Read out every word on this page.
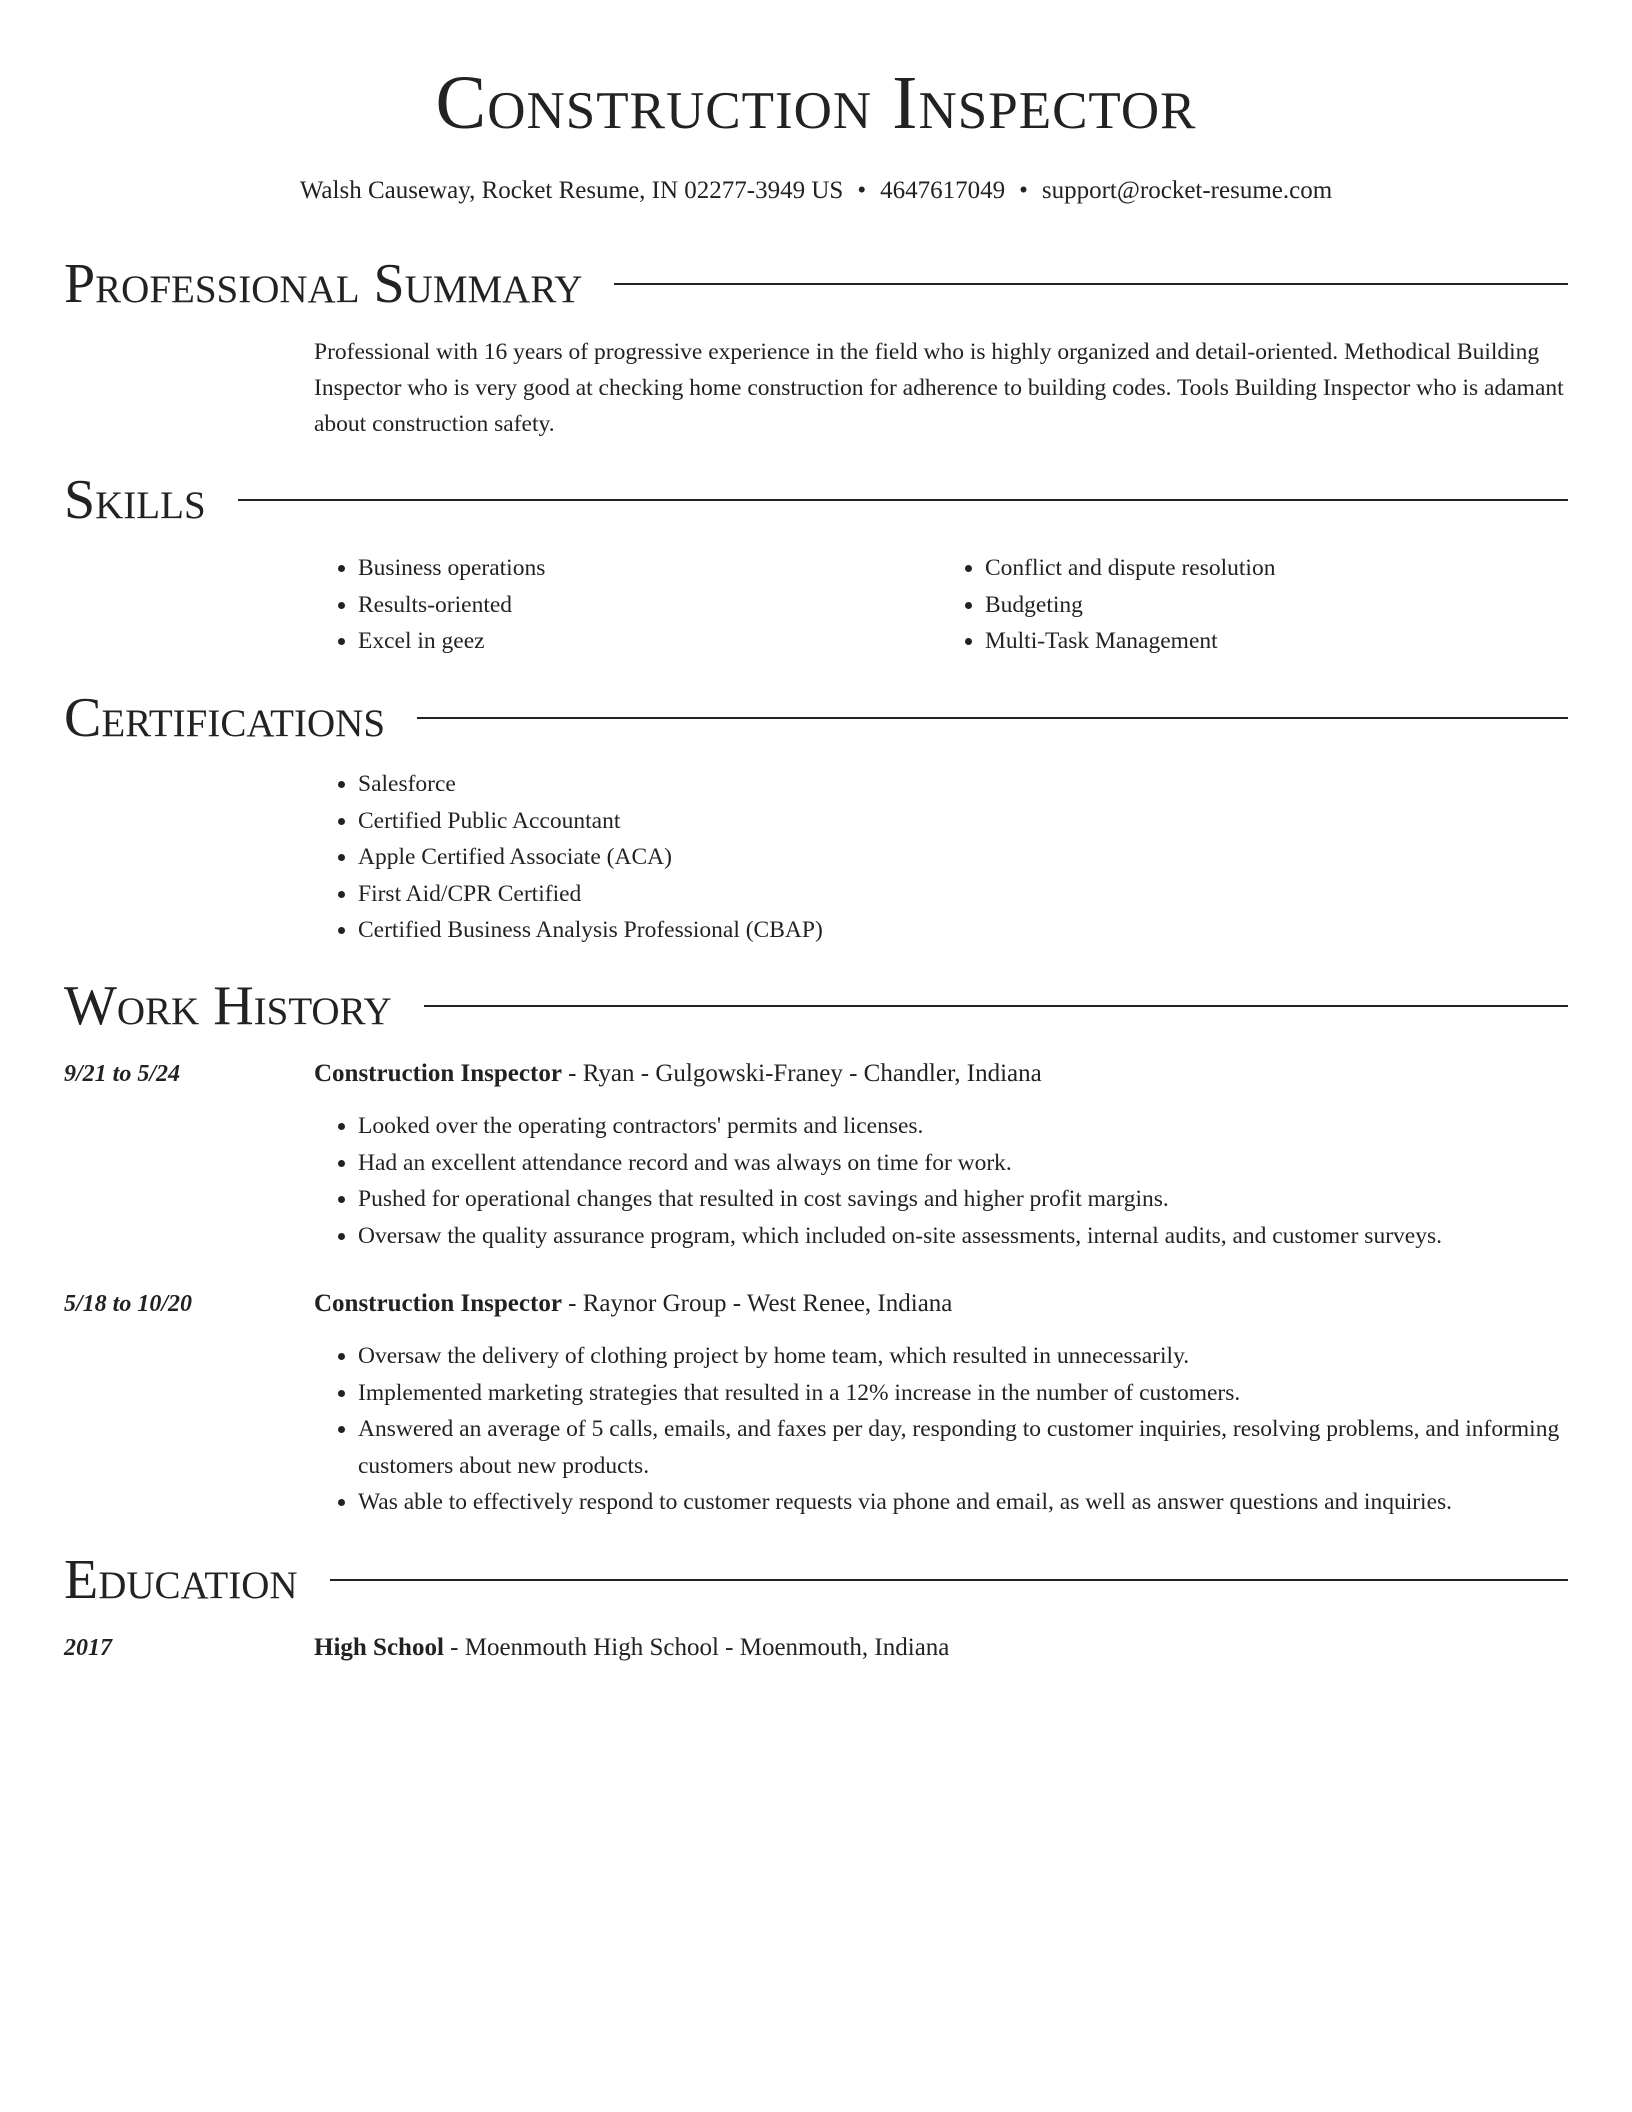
Construction Inspector
Walsh Causeway, Rocket Resume, IN 02277-3949 US • 4647617049 • support@rocket-resume.com
Professional Summary

Professional with 16 years of progressive experience in the field who is highly organized and detail-oriented. Methodical Building Inspector who is very good at checking home construction for adherence to building codes. Tools Building Inspector who is adamant about construction safety.

Skills
• Business operations
• Results-oriented
• Excel in geez
• Conflict and dispute resolution
• Budgeting
• Multi-Task Management
Certifications
• Salesforce
• Certified Public Accountant
• Apple Certified Associate (ACA)
• First Aid/CPR Certified
• Certified Business Analysis Professional (CBAP)
Work History
9/21 to 5/24	Construction Inspector - Ryan - Gulgowski-Franey - Chandler, Indiana
• Looked over the operating contractors' permits and licenses.
• Had an excellent attendance record and was always on time for work.
• Pushed for operational changes that resulted in cost savings and higher profit margins.
• Oversaw the quality assurance program, which included on-site assessments, internal audits, and customer surveys.
5/18 to 10/20	Construction Inspector - Raynor Group - West Renee, Indiana
• Oversaw the delivery of clothing project by home team, which resulted in unnecessarily.
• Implemented marketing strategies that resulted in a 12% increase in the number of customers.
• Answered an average of 5 calls, emails, and faxes per day, responding to customer inquiries, resolving problems, and informing customers about new products.
• Was able to effectively respond to customer requests via phone and email, as well as answer questions and inquiries.
Education
2017	High School - Moenmouth High School - Moenmouth, Indiana
